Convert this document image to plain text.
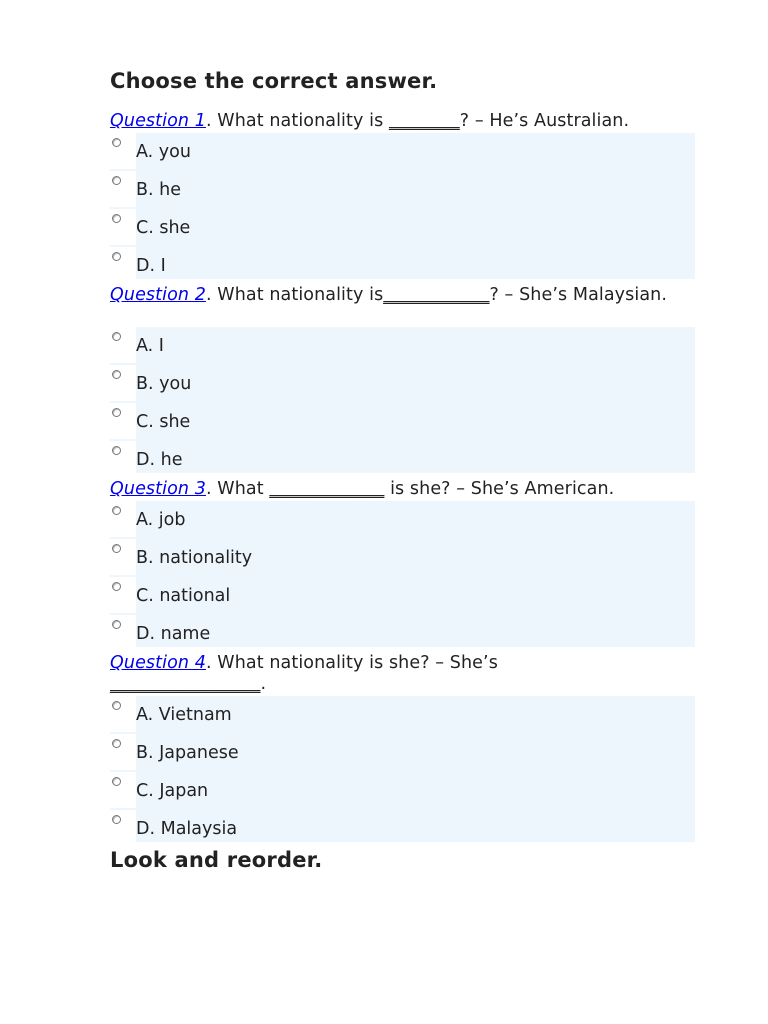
Choose the correct answer.
Question 1. What nationality is ________? – He’s Australian.
A. you
B. he
C. she
D. I
Question 2. What nationality is____________? – She’s Malaysian.
A. I
B. you
C. she
D. he
Question 3. What _____________ is she? – She’s American.
A. job
B. nationality
C. national
D. name
Question 4. What nationality is she? – She’s
_________________.
A. Vietnam
B. Japanese
C. Japan
D. Malaysia
Look and reorder.
